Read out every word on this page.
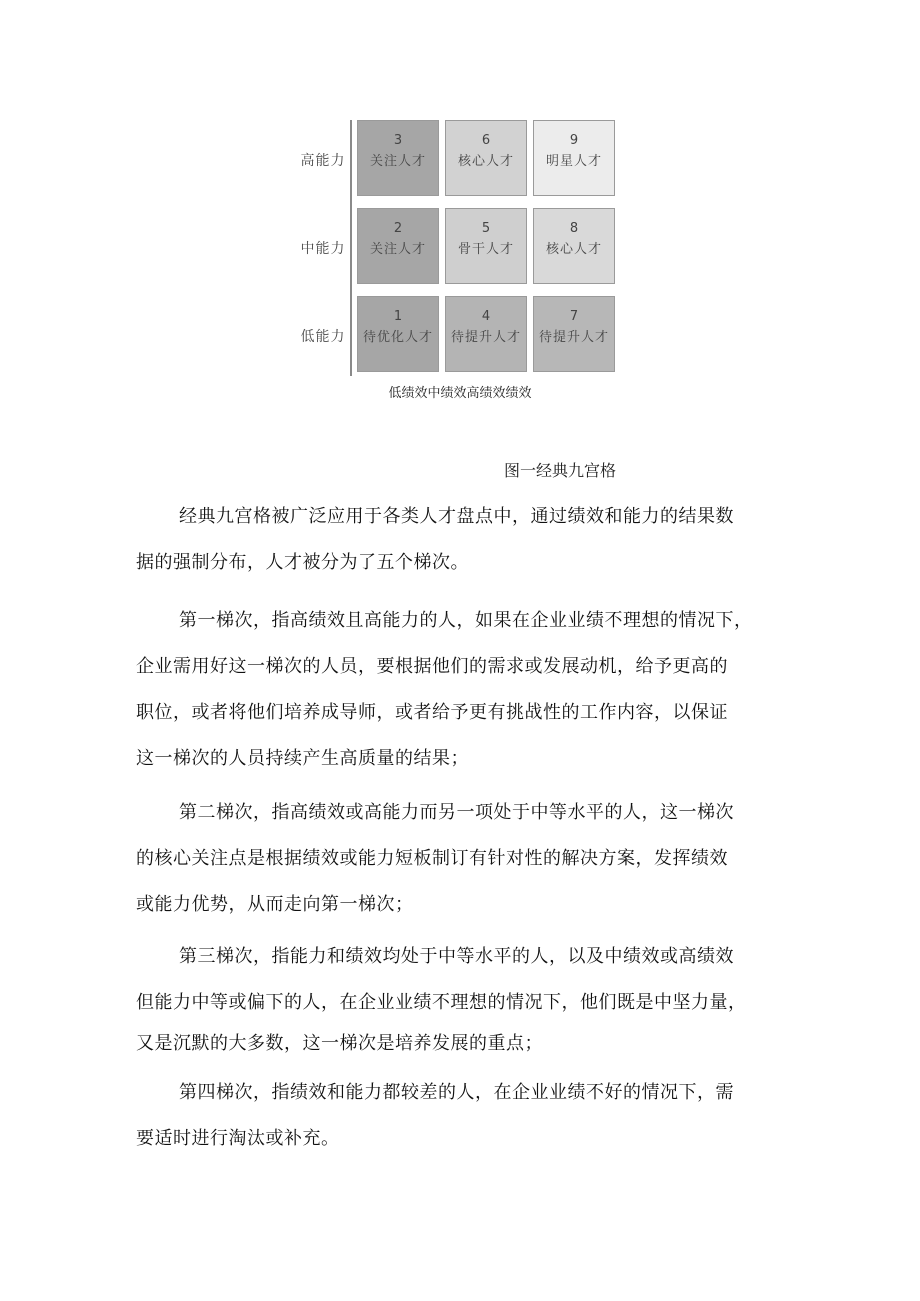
高能力
中能力
低能力
3
关注人才
6
核心人才
9
明星人才
2
关注人才
5
骨干人才
8
核心人才
1
待优化人才
4
待提升人才
7
待提升人才
低绩效中绩效高绩效绩效
图一经典九宫格

经典九宫格被广泛应用于各类人才盘点中，通过绩效和能力的结果数
据的强制分布，人才被分为了五个梯次。

第一梯次，指高绩效且高能力的人，如果在企业业绩不理想的情况下，
企业需用好这一梯次的人员，要根据他们的需求或发展动机，给予更高的
职位，或者将他们培养成导师，或者给予更有挑战性的工作内容，以保证
这一梯次的人员持续产生高质量的结果；

第二梯次，指高绩效或高能力而另一项处于中等水平的人，这一梯次
的核心关注点是根据绩效或能力短板制订有针对性的解决方案，发挥绩效
或能力优势，从而走向第一梯次；

第三梯次，指能力和绩效均处于中等水平的人，以及中绩效或高绩效
但能力中等或偏下的人，在企业业绩不理想的情况下，他们既是中坚力量，
又是沉默的大多数，这一梯次是培养发展的重点；

第四梯次，指绩效和能力都较差的人，在企业业绩不好的情况下，需
要适时进行淘汰或补充。
